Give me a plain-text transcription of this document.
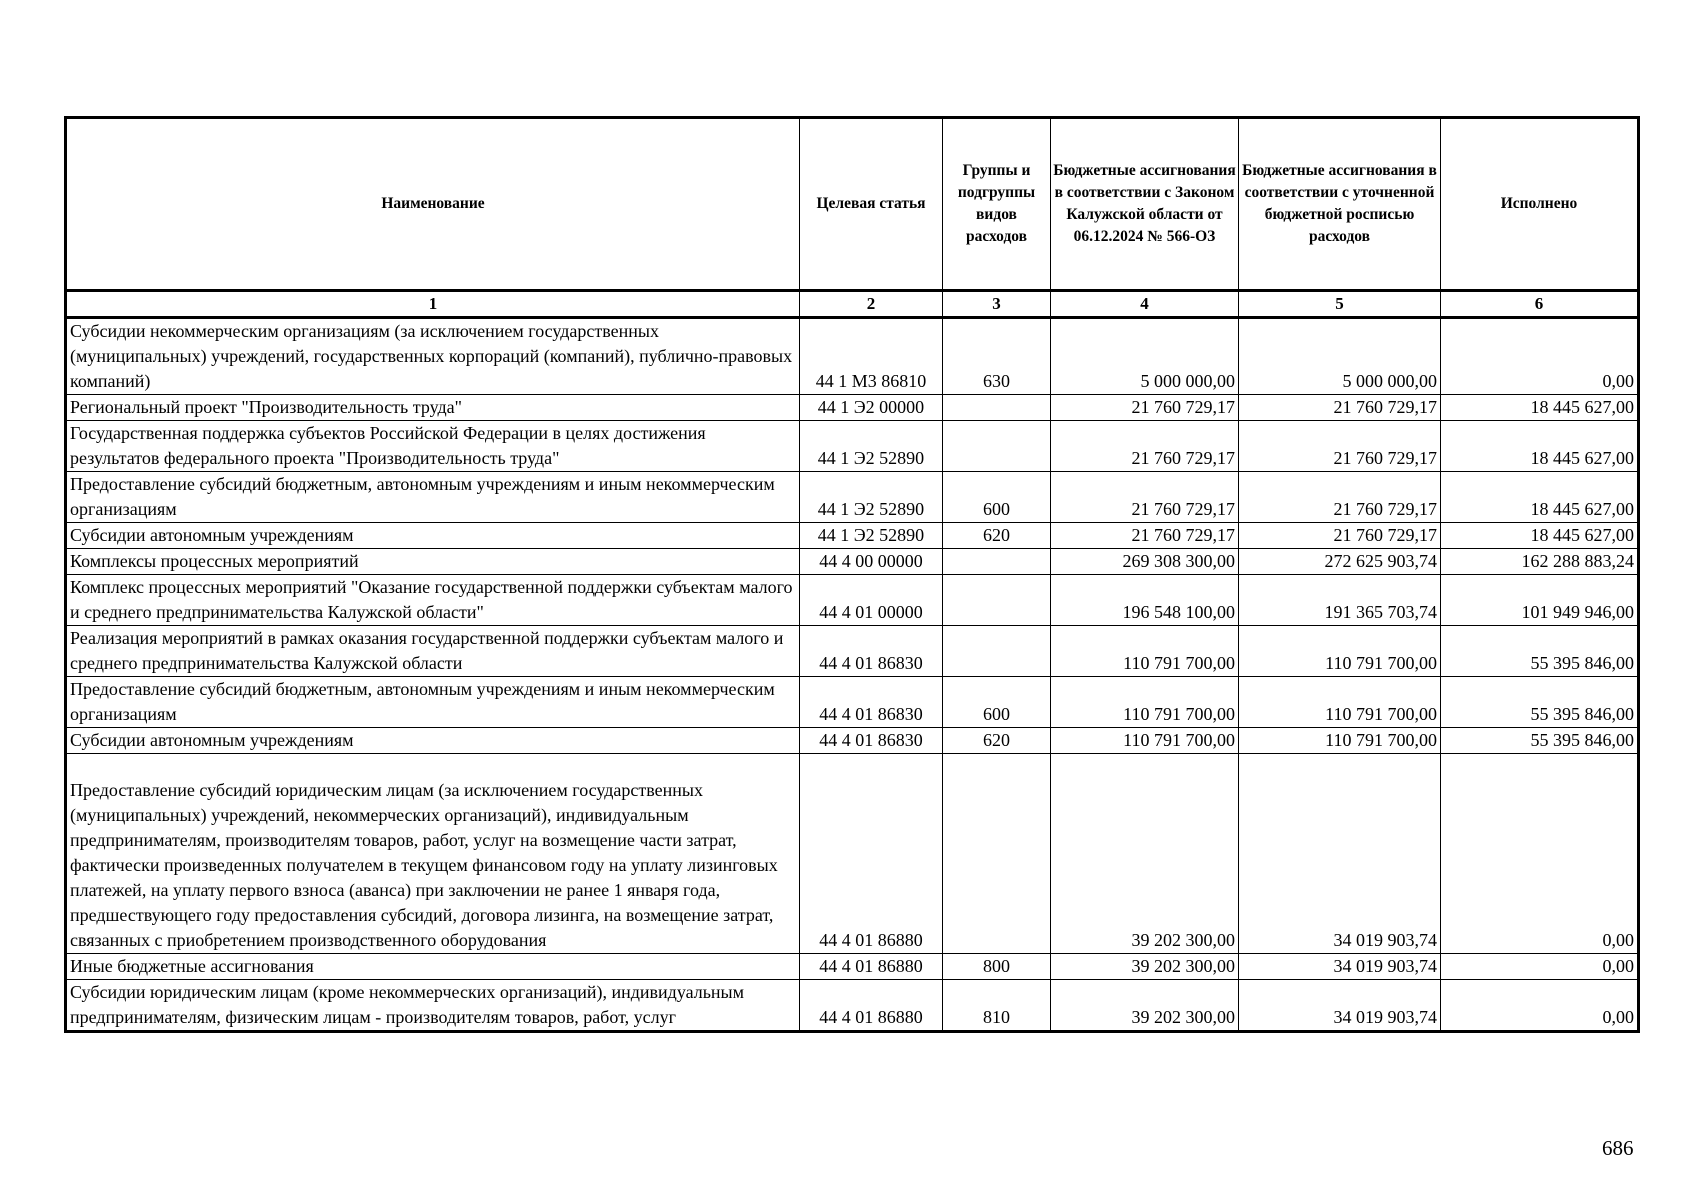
Наименование	Целевая статья	Группы и подгруппы видов расходов	Бюджетные ассигнования в соответствии с Законом Калужской области от 06.12.2024 № 566-ОЗ	Бюджетные ассигнования в соответствии с уточненной бюджетной росписью расходов	Исполнено
1	2	3	4	5	6
Субсидии некоммерческим организациям (за исключением государственных (муниципальных) учреждений, государственных корпораций (компаний), публично-правовых компаний)	44 1 М3 86810	630	5 000 000,00	5 000 000,00	0,00
Региональный проект "Производительность труда"	44 1 Э2 00000		21 760 729,17	21 760 729,17	18 445 627,00
Государственная поддержка субъектов Российской Федерации в целях достижения результатов федерального проекта "Производительность труда"	44 1 Э2 52890		21 760 729,17	21 760 729,17	18 445 627,00
Предоставление субсидий бюджетным, автономным учреждениям и иным некоммерческим организациям	44 1 Э2 52890	600	21 760 729,17	21 760 729,17	18 445 627,00
Субсидии автономным учреждениям	44 1 Э2 52890	620	21 760 729,17	21 760 729,17	18 445 627,00
Комплексы процессных мероприятий	44 4 00 00000		269 308 300,00	272 625 903,74	162 288 883,24
Комплекс процессных мероприятий "Оказание государственной поддержки субъектам малого и среднего предпринимательства Калужской области"	44 4 01 00000		196 548 100,00	191 365 703,74	101 949 946,00
Реализация мероприятий в рамках оказания государственной поддержки субъектам малого и среднего предпринимательства Калужской области	44 4 01 86830		110 791 700,00	110 791 700,00	55 395 846,00
Предоставление субсидий бюджетным, автономным учреждениям и иным некоммерческим организациям	44 4 01 86830	600	110 791 700,00	110 791 700,00	55 395 846,00
Субсидии автономным учреждениям	44 4 01 86830	620	110 791 700,00	110 791 700,00	55 395 846,00
Предоставление субсидий юридическим лицам (за исключением государственных (муниципальных) учреждений, некоммерческих организаций), индивидуальным предпринимателям, производителям товаров, работ, услуг на возмещение части затрат, фактически произведенных получателем в текущем финансовом году на уплату лизинговых платежей, на уплату первого взноса (аванса) при заключении не ранее 1 января года, предшествующего году предоставления субсидий, договора лизинга, на возмещение затрат, связанных с приобретением производственного оборудования	44 4 01 86880		39 202 300,00	34 019 903,74	0,00
Иные бюджетные ассигнования	44 4 01 86880	800	39 202 300,00	34 019 903,74	0,00
Субсидии юридическим лицам (кроме некоммерческих организаций), индивидуальным предпринимателям, физическим лицам - производителям товаров, работ, услуг	44 4 01 86880	810	39 202 300,00	34 019 903,74	0,00
686
